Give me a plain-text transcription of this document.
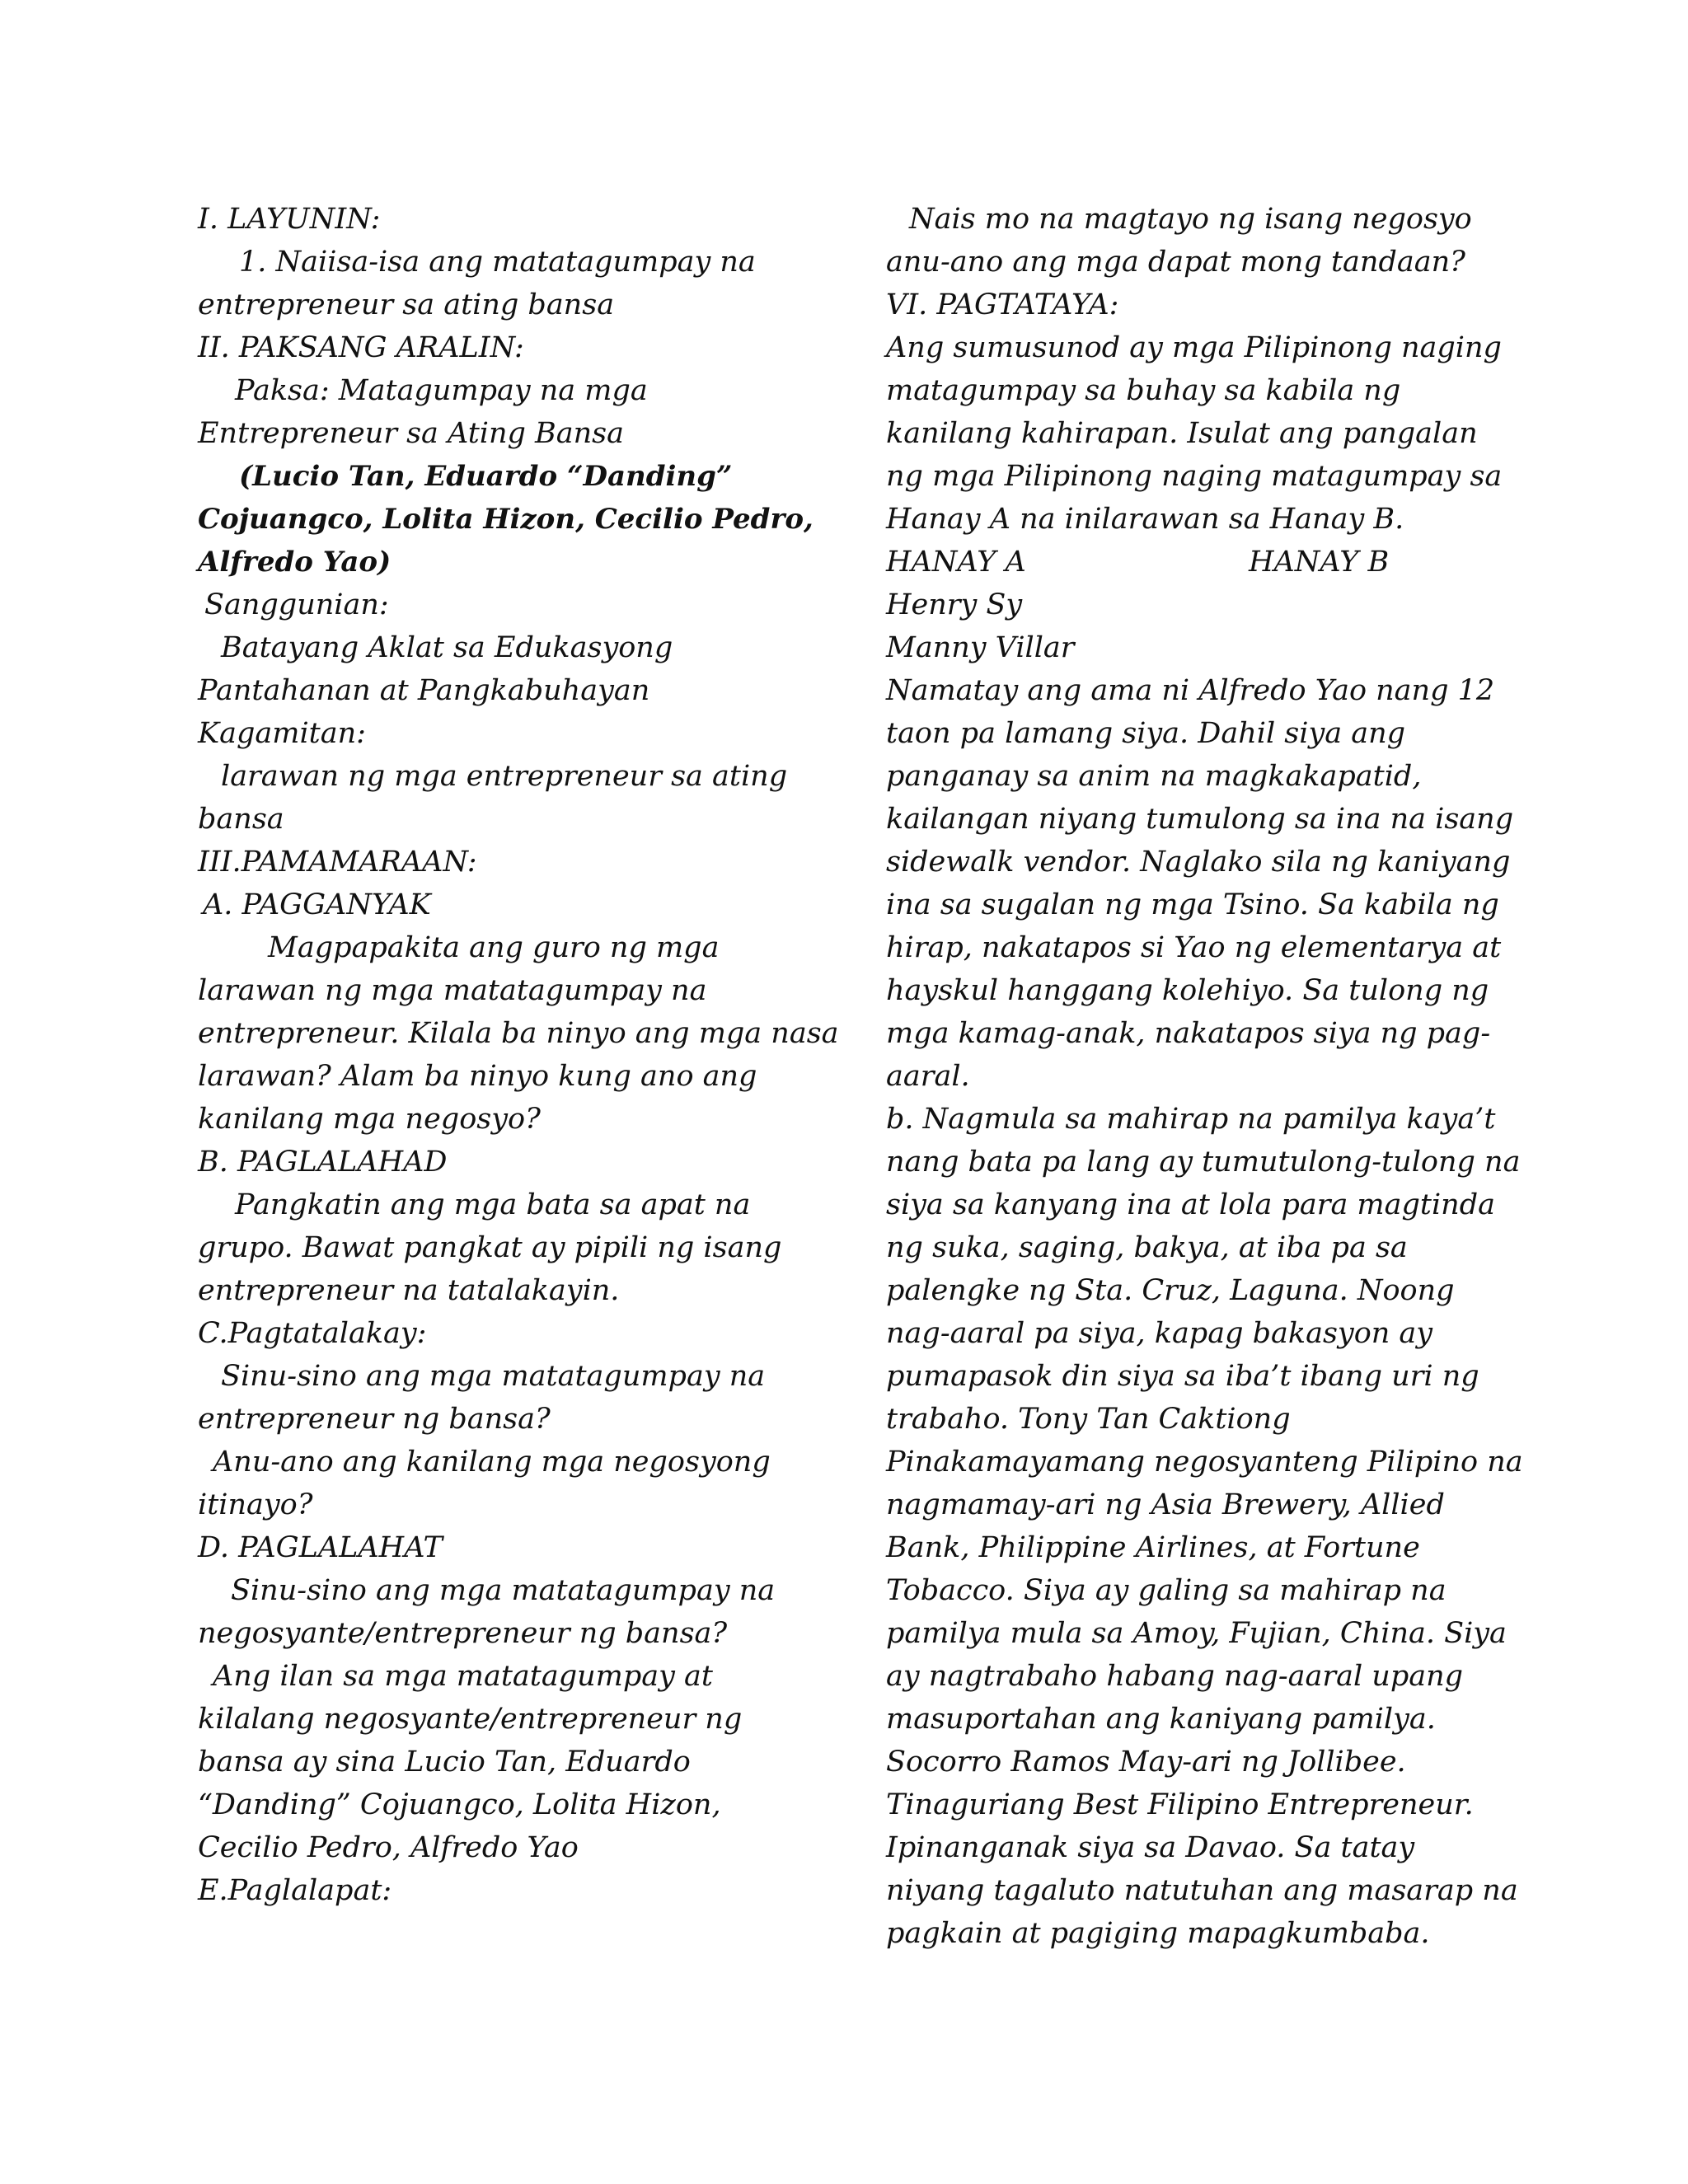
I. LAYUNIN:
1. Naiisa-isa ang matatagumpay na
entrepreneur sa ating bansa
II. PAKSANG ARALIN:
Paksa: Matagumpay na mga
Entrepreneur sa Ating Bansa
(Lucio Tan, Eduardo “Danding”
Cojuangco, Lolita Hizon, Cecilio Pedro,
Alfredo Yao)
Sanggunian:
Batayang Aklat sa Edukasyong
Pantahanan at Pangkabuhayan
Kagamitan:
larawan ng mga entrepreneur sa ating
bansa
III.PAMAMARAAN:
A. PAGGANYAK
Magpapakita ang guro ng mga
larawan ng mga matatagumpay na
entrepreneur. Kilala ba ninyo ang mga nasa
larawan? Alam ba ninyo kung ano ang
kanilang mga negosyo?
B. PAGLALAHAD
Pangkatin ang mga bata sa apat na
grupo. Bawat pangkat ay pipili ng isang
entrepreneur na tatalakayin.
C.Pagtatalakay:
Sinu-sino ang mga matatagumpay na
entrepreneur ng bansa?
Anu-ano ang kanilang mga negosyong
itinayo?
D. PAGLALAHAT
Sinu-sino ang mga matatagumpay na
negosyante/entrepreneur ng bansa?
Ang ilan sa mga matatagumpay at
kilalang negosyante/entrepreneur ng
bansa ay sina Lucio Tan, Eduardo
“Danding” Cojuangco, Lolita Hizon,
Cecilio Pedro, Alfredo Yao
E.Paglalapat:
Nais mo na magtayo ng isang negosyo
anu-ano ang mga dapat mong tandaan?
VI. PAGTATAYA:
Ang sumusunod ay mga Pilipinong naging
matagumpay sa buhay sa kabila ng
kanilang kahirapan. Isulat ang pangalan
ng mga Pilipinong naging matagumpay sa
Hanay A na inilarawan sa Hanay B.
HANAY A	HANAY B
Henry Sy
Manny Villar
Namatay ang ama ni Alfredo Yao nang 12
taon pa lamang siya. Dahil siya ang
panganay sa anim na magkakapatid,
kailangan niyang tumulong sa ina na isang
sidewalk vendor. Naglako sila ng kaniyang
ina sa sugalan ng mga Tsino. Sa kabila ng
hirap, nakatapos si Yao ng elementarya at
hayskul hanggang kolehiyo. Sa tulong ng
mga kamag-anak, nakatapos siya ng pag-
aaral.
b. Nagmula sa mahirap na pamilya kaya’t
nang bata pa lang ay tumutulong-tulong na
siya sa kanyang ina at lola para magtinda
ng suka, saging, bakya, at iba pa sa
palengke ng Sta. Cruz, Laguna. Noong
nag-aaral pa siya, kapag bakasyon ay
pumapasok din siya sa iba’t ibang uri ng
trabaho. Tony Tan Caktiong
Pinakamayamang negosyanteng Pilipino na
nagmamay-ari ng Asia Brewery, Allied
Bank, Philippine Airlines, at Fortune
Tobacco. Siya ay galing sa mahirap na
pamilya mula sa Amoy, Fujian, China. Siya
ay nagtrabaho habang nag-aaral upang
masuportahan ang kaniyang pamilya.
Socorro Ramos May-ari ng Jollibee.
Tinaguriang Best Filipino Entrepreneur.
Ipinanganak siya sa Davao. Sa tatay
niyang tagaluto natutuhan ang masarap na
pagkain at pagiging mapagkumbaba.
